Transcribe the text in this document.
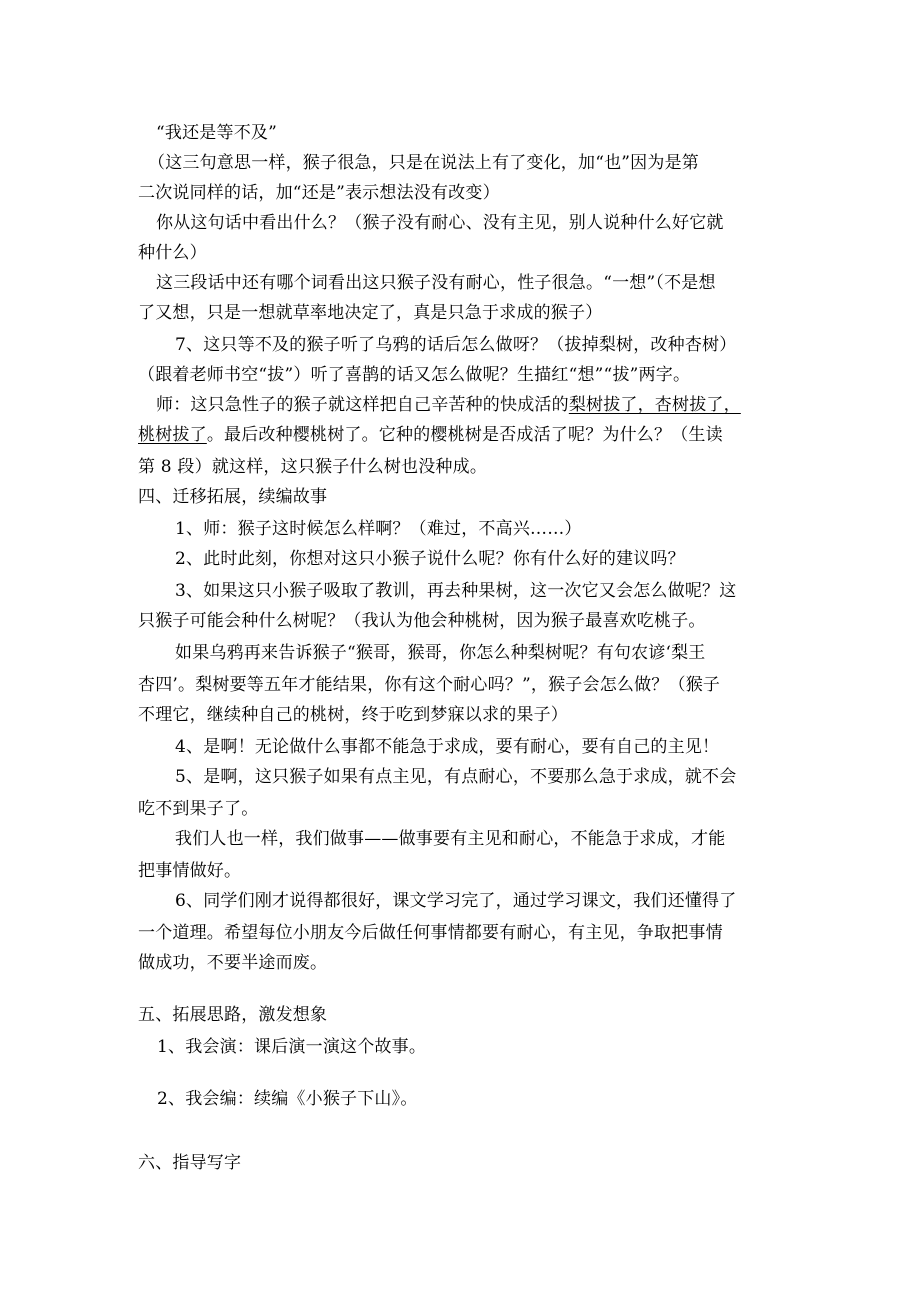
“我还是等不及”
（这三句意思一样，猴子很急，只是在说法上有了变化，加“也”因为是第
二次说同样的话，加“还是”表示想法没有改变）
你从这句话中看出什么？（猴子没有耐心、没有主见，别人说种什么好它就
种什么）
这三段话中还有哪个词看出这只猴子没有耐心，性子很急。“一想”（不是想
了又想，只是一想就草率地决定了，真是只急于求成的猴子）
7、这只等不及的猴子听了乌鸦的话后怎么做呀？（拔掉梨树，改种杏树）
（跟着老师书空“拔”）听了喜鹊的话又怎么做呢？生描红“想”“拔”两字。
师：这只急性子的猴子就这样把自己辛苦种的快成活的梨树拔了，杏树拔了，
桃树拔了。最后改种樱桃树了。它种的樱桃树是否成活了呢？为什么？（生读
第 8 段）就这样，这只猴子什么树也没种成。
四、迁移拓展，续编故事
1、师：猴子这时候怎么样啊？（难过，不高兴……）
2、此时此刻，你想对这只小猴子说什么呢？你有什么好的建议吗？
3、如果这只小猴子吸取了教训，再去种果树，这一次它又会怎么做呢？这
只猴子可能会种什么树呢？（我认为他会种桃树，因为猴子最喜欢吃桃子。
如果乌鸦再来告诉猴子“猴哥，猴哥，你怎么种梨树呢？有句农谚‘梨王
杏四’。梨树要等五年才能结果，你有这个耐心吗？”，猴子会怎么做？（猴子
不理它，继续种自己的桃树，终于吃到梦寐以求的果子）
4、是啊！无论做什么事都不能急于求成，要有耐心，要有自己的主见！
5、是啊，这只猴子如果有点主见，有点耐心，不要那么急于求成，就不会
吃不到果子了。
我们人也一样，我们做事——做事要有主见和耐心，不能急于求成，才能
把事情做好。
6、同学们刚才说得都很好，课文学习完了，通过学习课文，我们还懂得了
一个道理。希望每位小朋友今后做任何事情都要有耐心，有主见，争取把事情
做成功，不要半途而废。
五、拓展思路，激发想象
1、我会演：课后演一演这个故事。
2、我会编：续编《小猴子下山》。
六、指导写字
